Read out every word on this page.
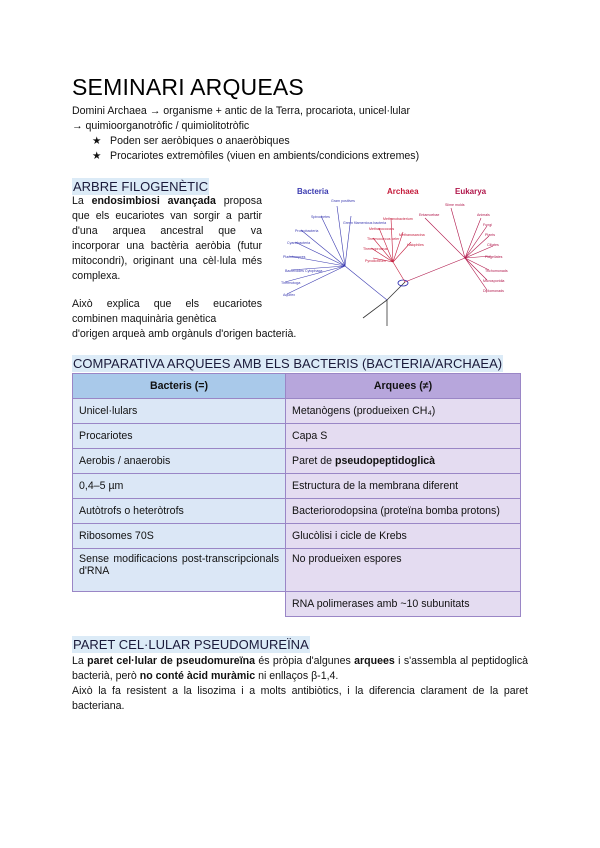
SEMINARI ARQUEAS

Domini Archaea → organisme + antic de la Terra, procariota, unicel·lular

→ quimioorganotròfic / quimiolitotròfic

★ Poden ser aeròbiques o anaeròbiques
★ Procariotes extremòfiles (viuen en ambients/condicions extremes)
ARBRE FILOGENÈTIC
La endosimbiosi avançada proposa que els eucariotes van sorgir a partir d'una arquea ancestral que va incorporar una bactèria aeròbia (futur mitocondri), originant una cèl·lula més complexa.
Això explica que els eucariotes combinen maquinària genètica
d'origen arqueà amb orgànuls d'origen bacterià.
Bacteria	Archaea	Eukarya
Aquifex
Thermotoga
Bacteroides Cytophaga
Planctomyces
Cyanobacteria
Proteobacteria
Spirochetes
Gram positives
Green filamentous bacteria
Pyrodicticum
Thermoproteus
Thermococcus celer
Methanococcus
Methanobacterium
Methanosarcina
Halophiles
Entamoebae
Slime molds
Animals
Fungi
Plants
Ciliates
Flagellates
Trichomonads
Microsporidia
Diplomonads
COMPARATIVA ARQUEES AMB ELS BACTERIS (BACTERIA/ARCHAEA)
Bacteris (=)	Arquees (≠)
Unicel·lulars	Metanògens (produeixen CH₄)
Procariotes	Capa S
Aerobis / anaerobis	Paret de pseudopeptidoglicà
0,4–5 µm	Estructura de la membrana diferent
Autòtrofs o heteròtrofs	Bacteriorodopsina (proteïna bomba protons)
Ribosomes 70S	Glucòlisi i cicle de Krebs
Sense modificacions post-transcripcionals d'RNA	No produeixen espores
	RNA polimerases amb ~10 subunitats
PARET CEL·LULAR PSEUDOMUREÏNA
La paret cel·lular de pseudomureïna és pròpia d'algunes arquees i s'assembla al peptidoglicà bacterià, però no conté àcid muràmic ni enllaços β-1,4.
Això la fa resistent a la lisozima i a molts antibiòtics, i la diferencia clarament de la paret bacteriana.
